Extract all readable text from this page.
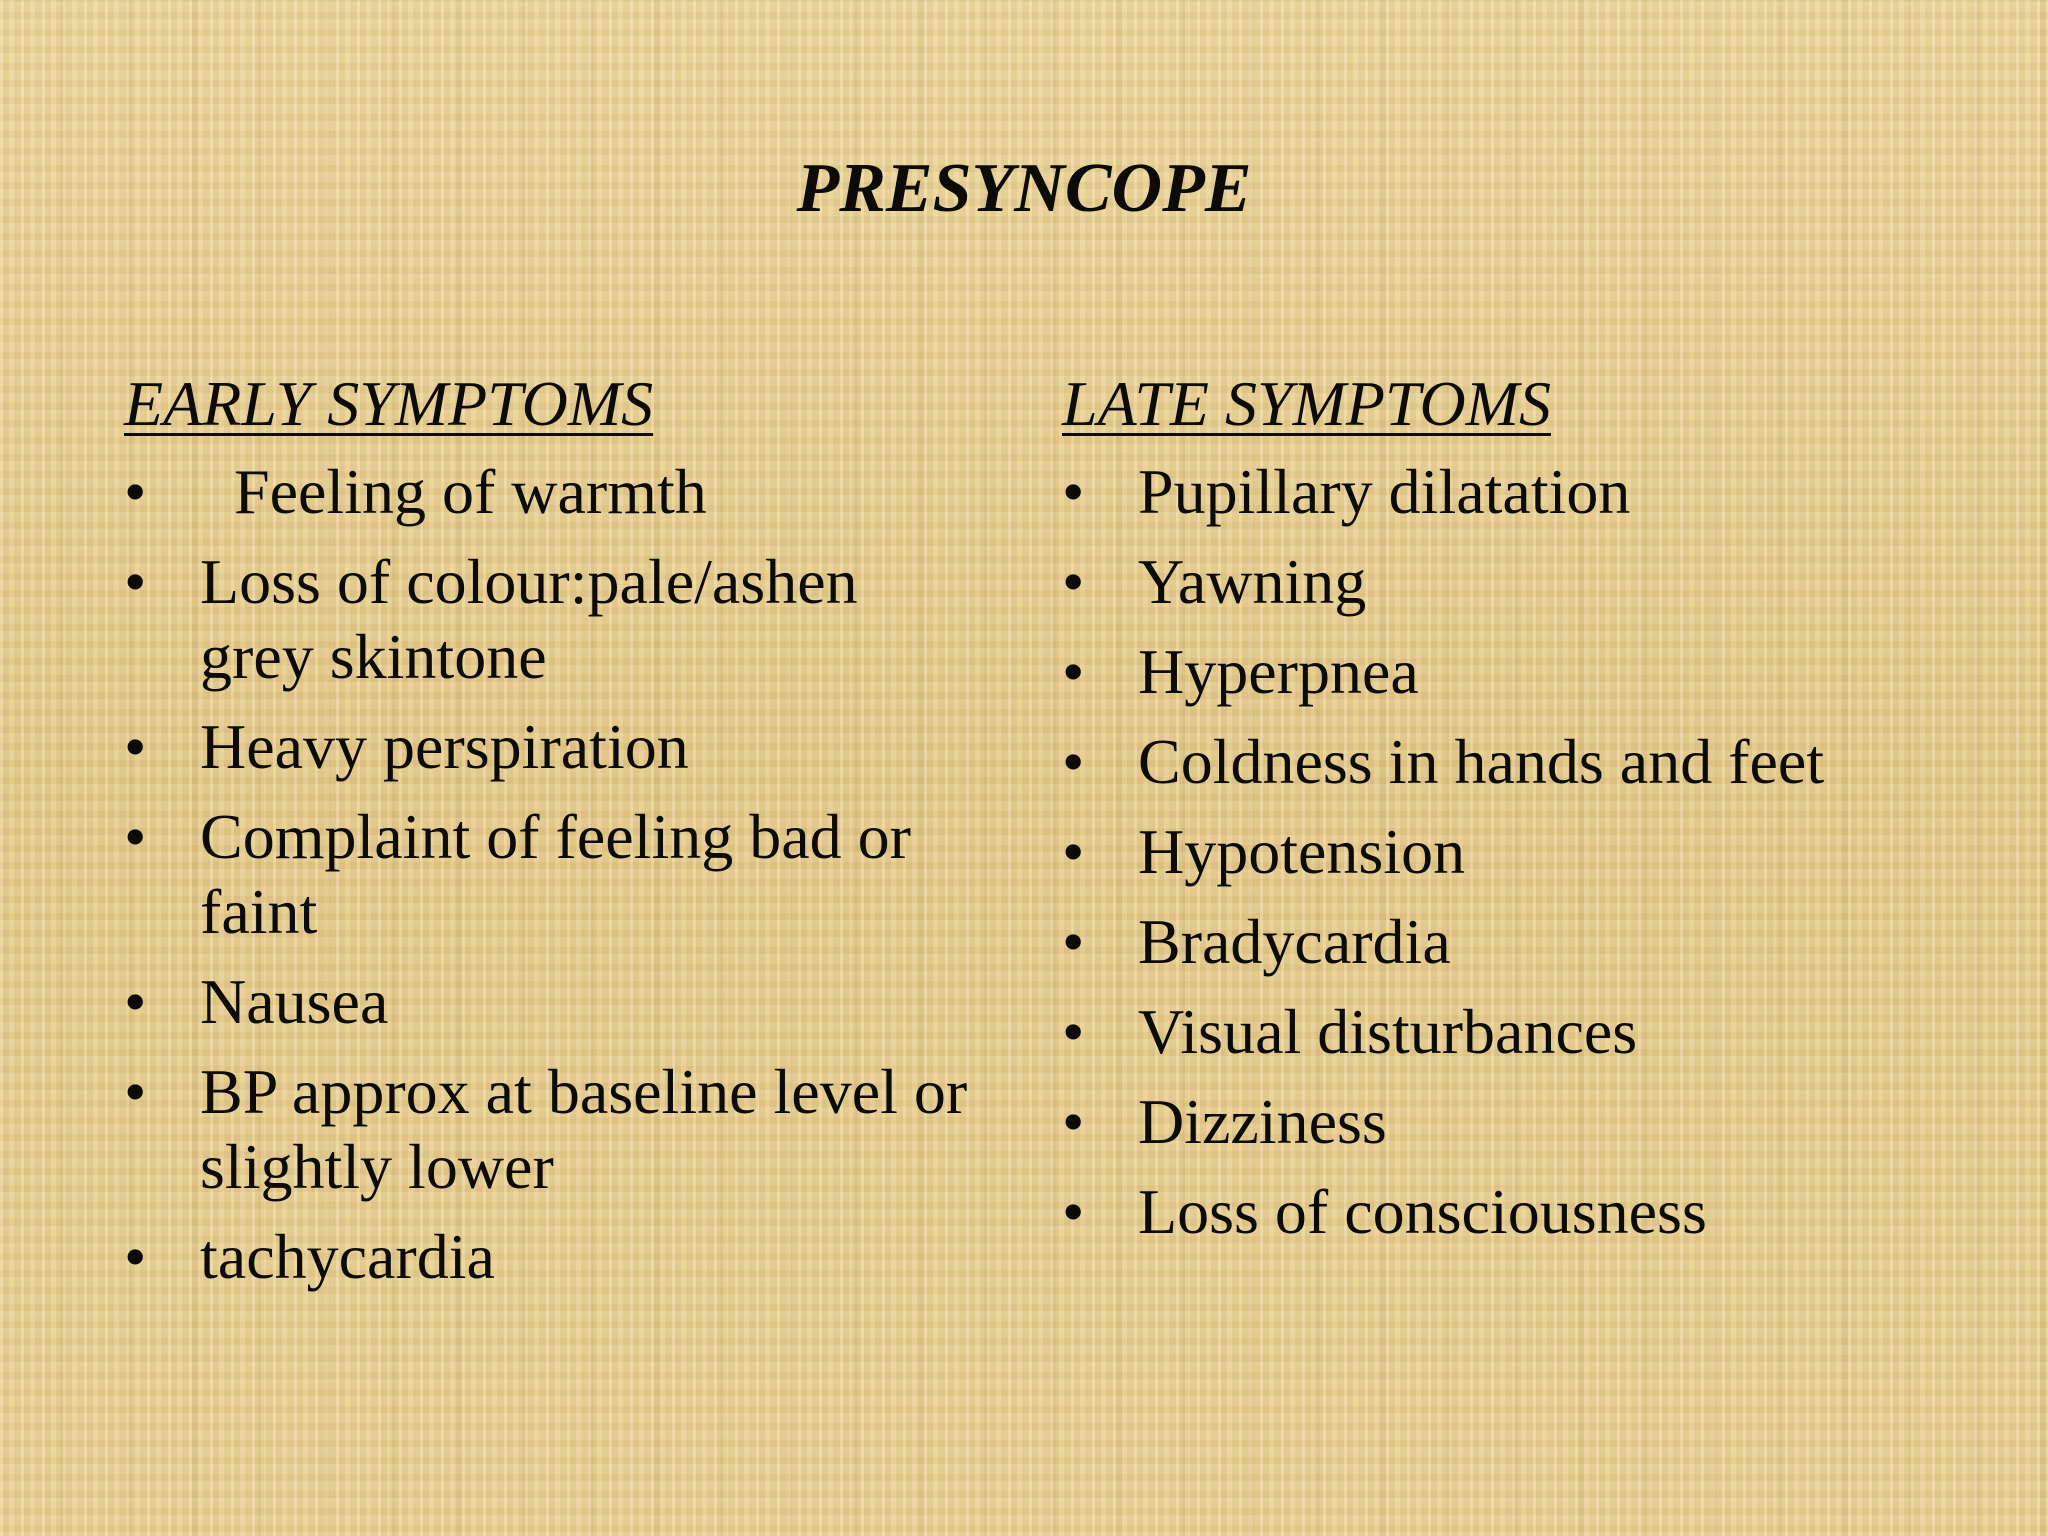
PRESYNCOPE
EARLY SYMPTOMS
• Feeling of warmth
• Loss of colour:pale/ashen grey skintone
• Heavy perspiration
• Complaint of feeling bad or faint
• Nausea
• BP approx at baseline level or slightly lower
• tachycardia
LATE SYMPTOMS
• Pupillary dilatation
• Yawning
• Hyperpnea
• Coldness in hands and feet
• Hypotension
• Bradycardia
• Visual disturbances
• Dizziness
• Loss of consciousness
